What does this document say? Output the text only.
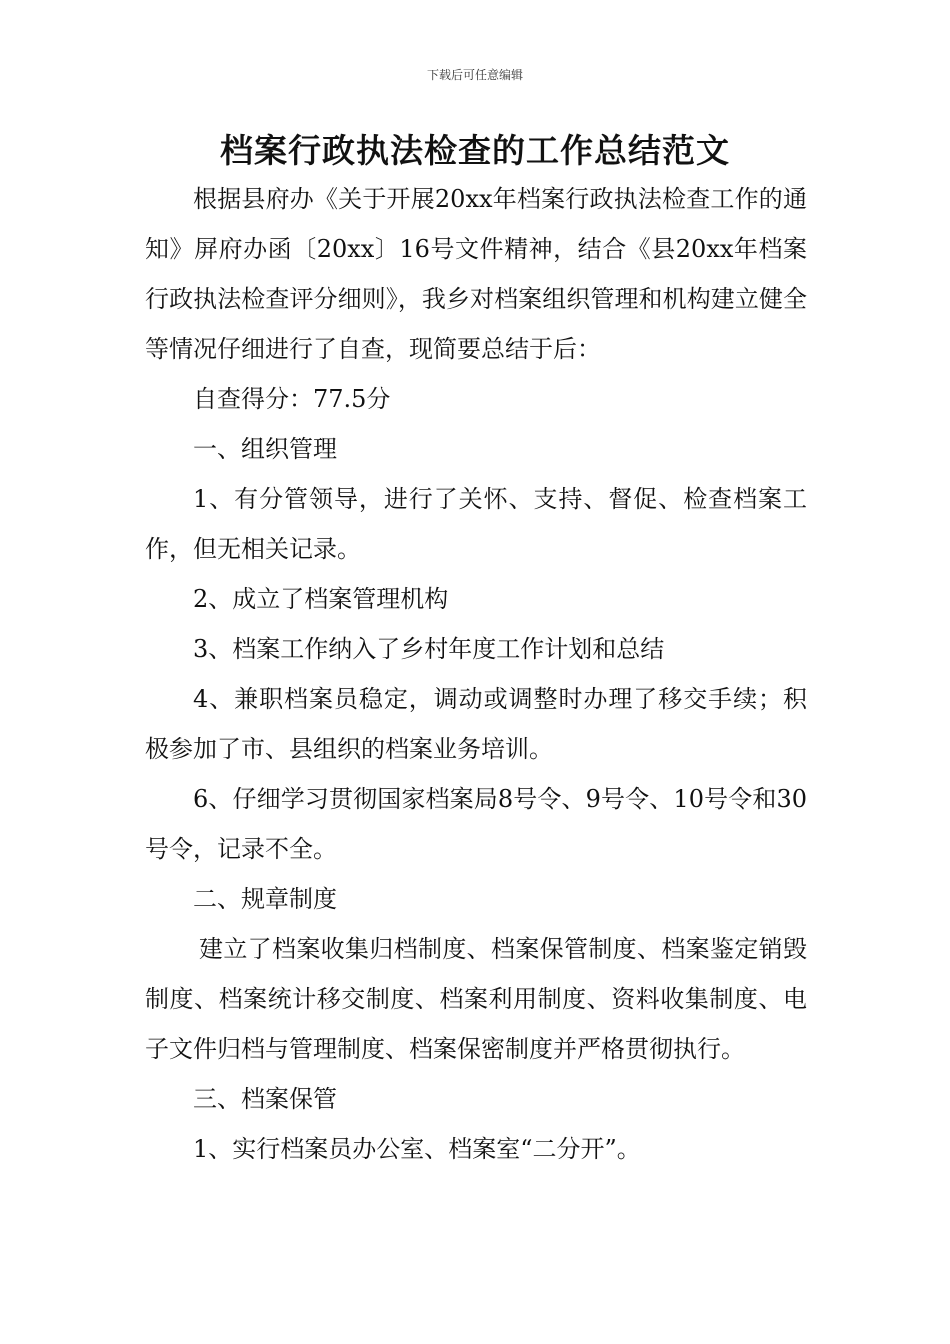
下载后可任意编辑
档案行政执法检查的工作总结范文

根据县府办《关于开展20xx年档案行政执法检查工作的通知》屏府办函〔20xx〕16号文件精神，结合《县20xx年档案行政执法检查评分细则》，我乡对档案组织管理和机构建立健全等情况仔细进行了自查，现简要总结于后：

自查得分：77.5分

一、组织管理

1、有分管领导，进行了关怀、支持、督促、检查档案工作，但无相关记录。

2、成立了档案管理机构

3、档案工作纳入了乡村年度工作计划和总结

4、兼职档案员稳定，调动或调整时办理了移交手续；积极参加了市、县组织的档案业务培训。

6、仔细学习贯彻国家档案局8号令、9号令、10号令和30号令，记录不全。

二、规章制度

建立了档案收集归档制度、档案保管制度、档案鉴定销毁制度、档案统计移交制度、档案利用制度、资料收集制度、电子文件归档与管理制度、档案保密制度并严格贯彻执行。

三、档案保管

1、实行档案员办公室、档案室“二分开”。
